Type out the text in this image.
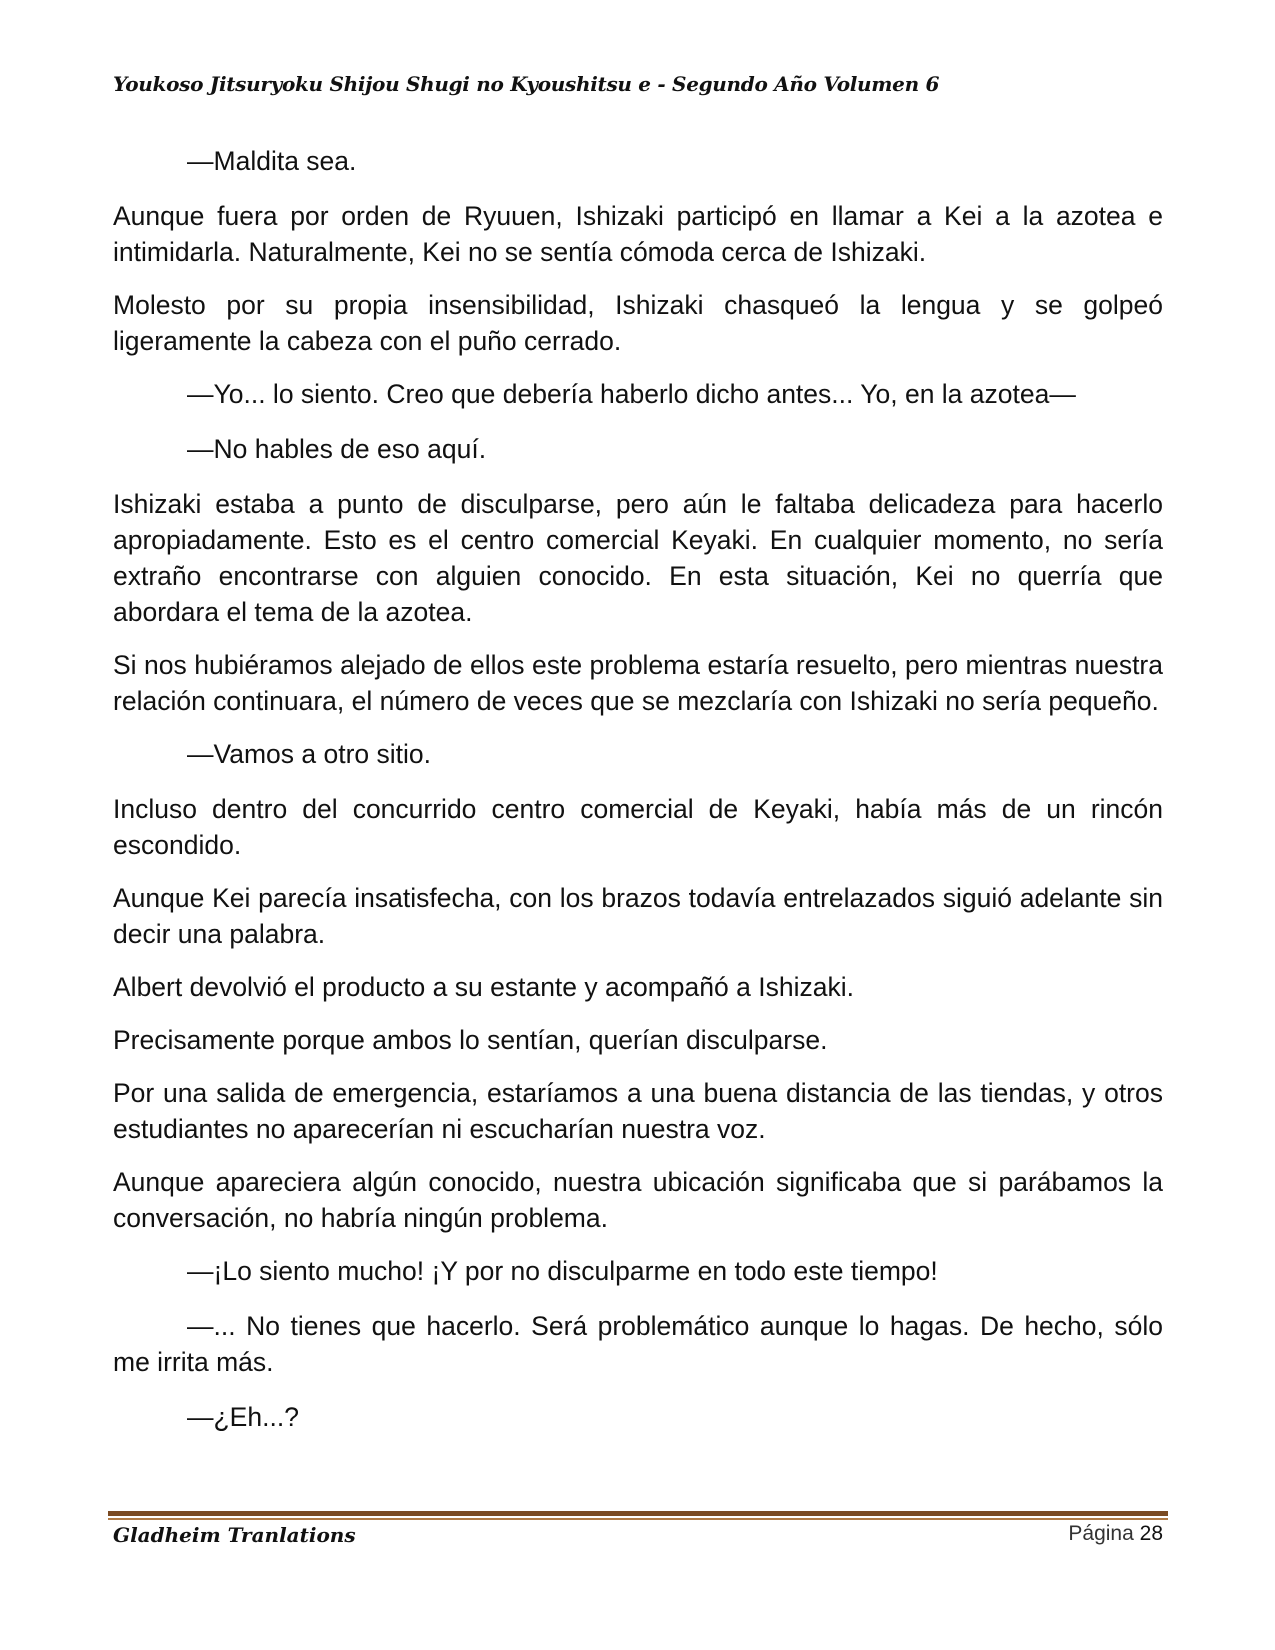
Youkoso Jitsuryoku Shijou Shugi no Kyoushitsu e - Segundo Año Volumen 6

—Maldita sea.

Aunque fuera por orden de Ryuuen, Ishizaki participó en llamar a Kei a la azotea e intimidarla. Naturalmente, Kei no se sentía cómoda cerca de Ishizaki.

Molesto por su propia insensibilidad, Ishizaki chasqueó la lengua y se golpeó ligeramente la cabeza con el puño cerrado.

—Yo... lo siento. Creo que debería haberlo dicho antes... Yo, en la azotea—

—No hables de eso aquí.

Ishizaki estaba a punto de disculparse, pero aún le faltaba delicadeza para hacerlo apropiadamente. Esto es el centro comercial Keyaki. En cualquier momento, no sería extraño encontrarse con alguien conocido. En esta situación, Kei no querría que abordara el tema de la azotea.

Si nos hubiéramos alejado de ellos este problema estaría resuelto, pero mientras nuestra relación continuara, el número de veces que se mezclaría con Ishizaki no sería pequeño.

—Vamos a otro sitio.

Incluso dentro del concurrido centro comercial de Keyaki, había más de un rincón escondido.

Aunque Kei parecía insatisfecha, con los brazos todavía entrelazados siguió adelante sin decir una palabra.

Albert devolvió el producto a su estante y acompañó a Ishizaki.

Precisamente porque ambos lo sentían, querían disculparse.

Por una salida de emergencia, estaríamos a una buena distancia de las tiendas, y otros estudiantes no aparecerían ni escucharían nuestra voz.

Aunque apareciera algún conocido, nuestra ubicación significaba que si parábamos la conversación, no habría ningún problema.

—¡Lo siento mucho! ¡Y por no disculparme en todo este tiempo!

—... No tienes que hacerlo. Será problemático aunque lo hagas. De hecho, sólo me irrita más.

—¿Eh...?

Gladheim Tranlations	Página 28
